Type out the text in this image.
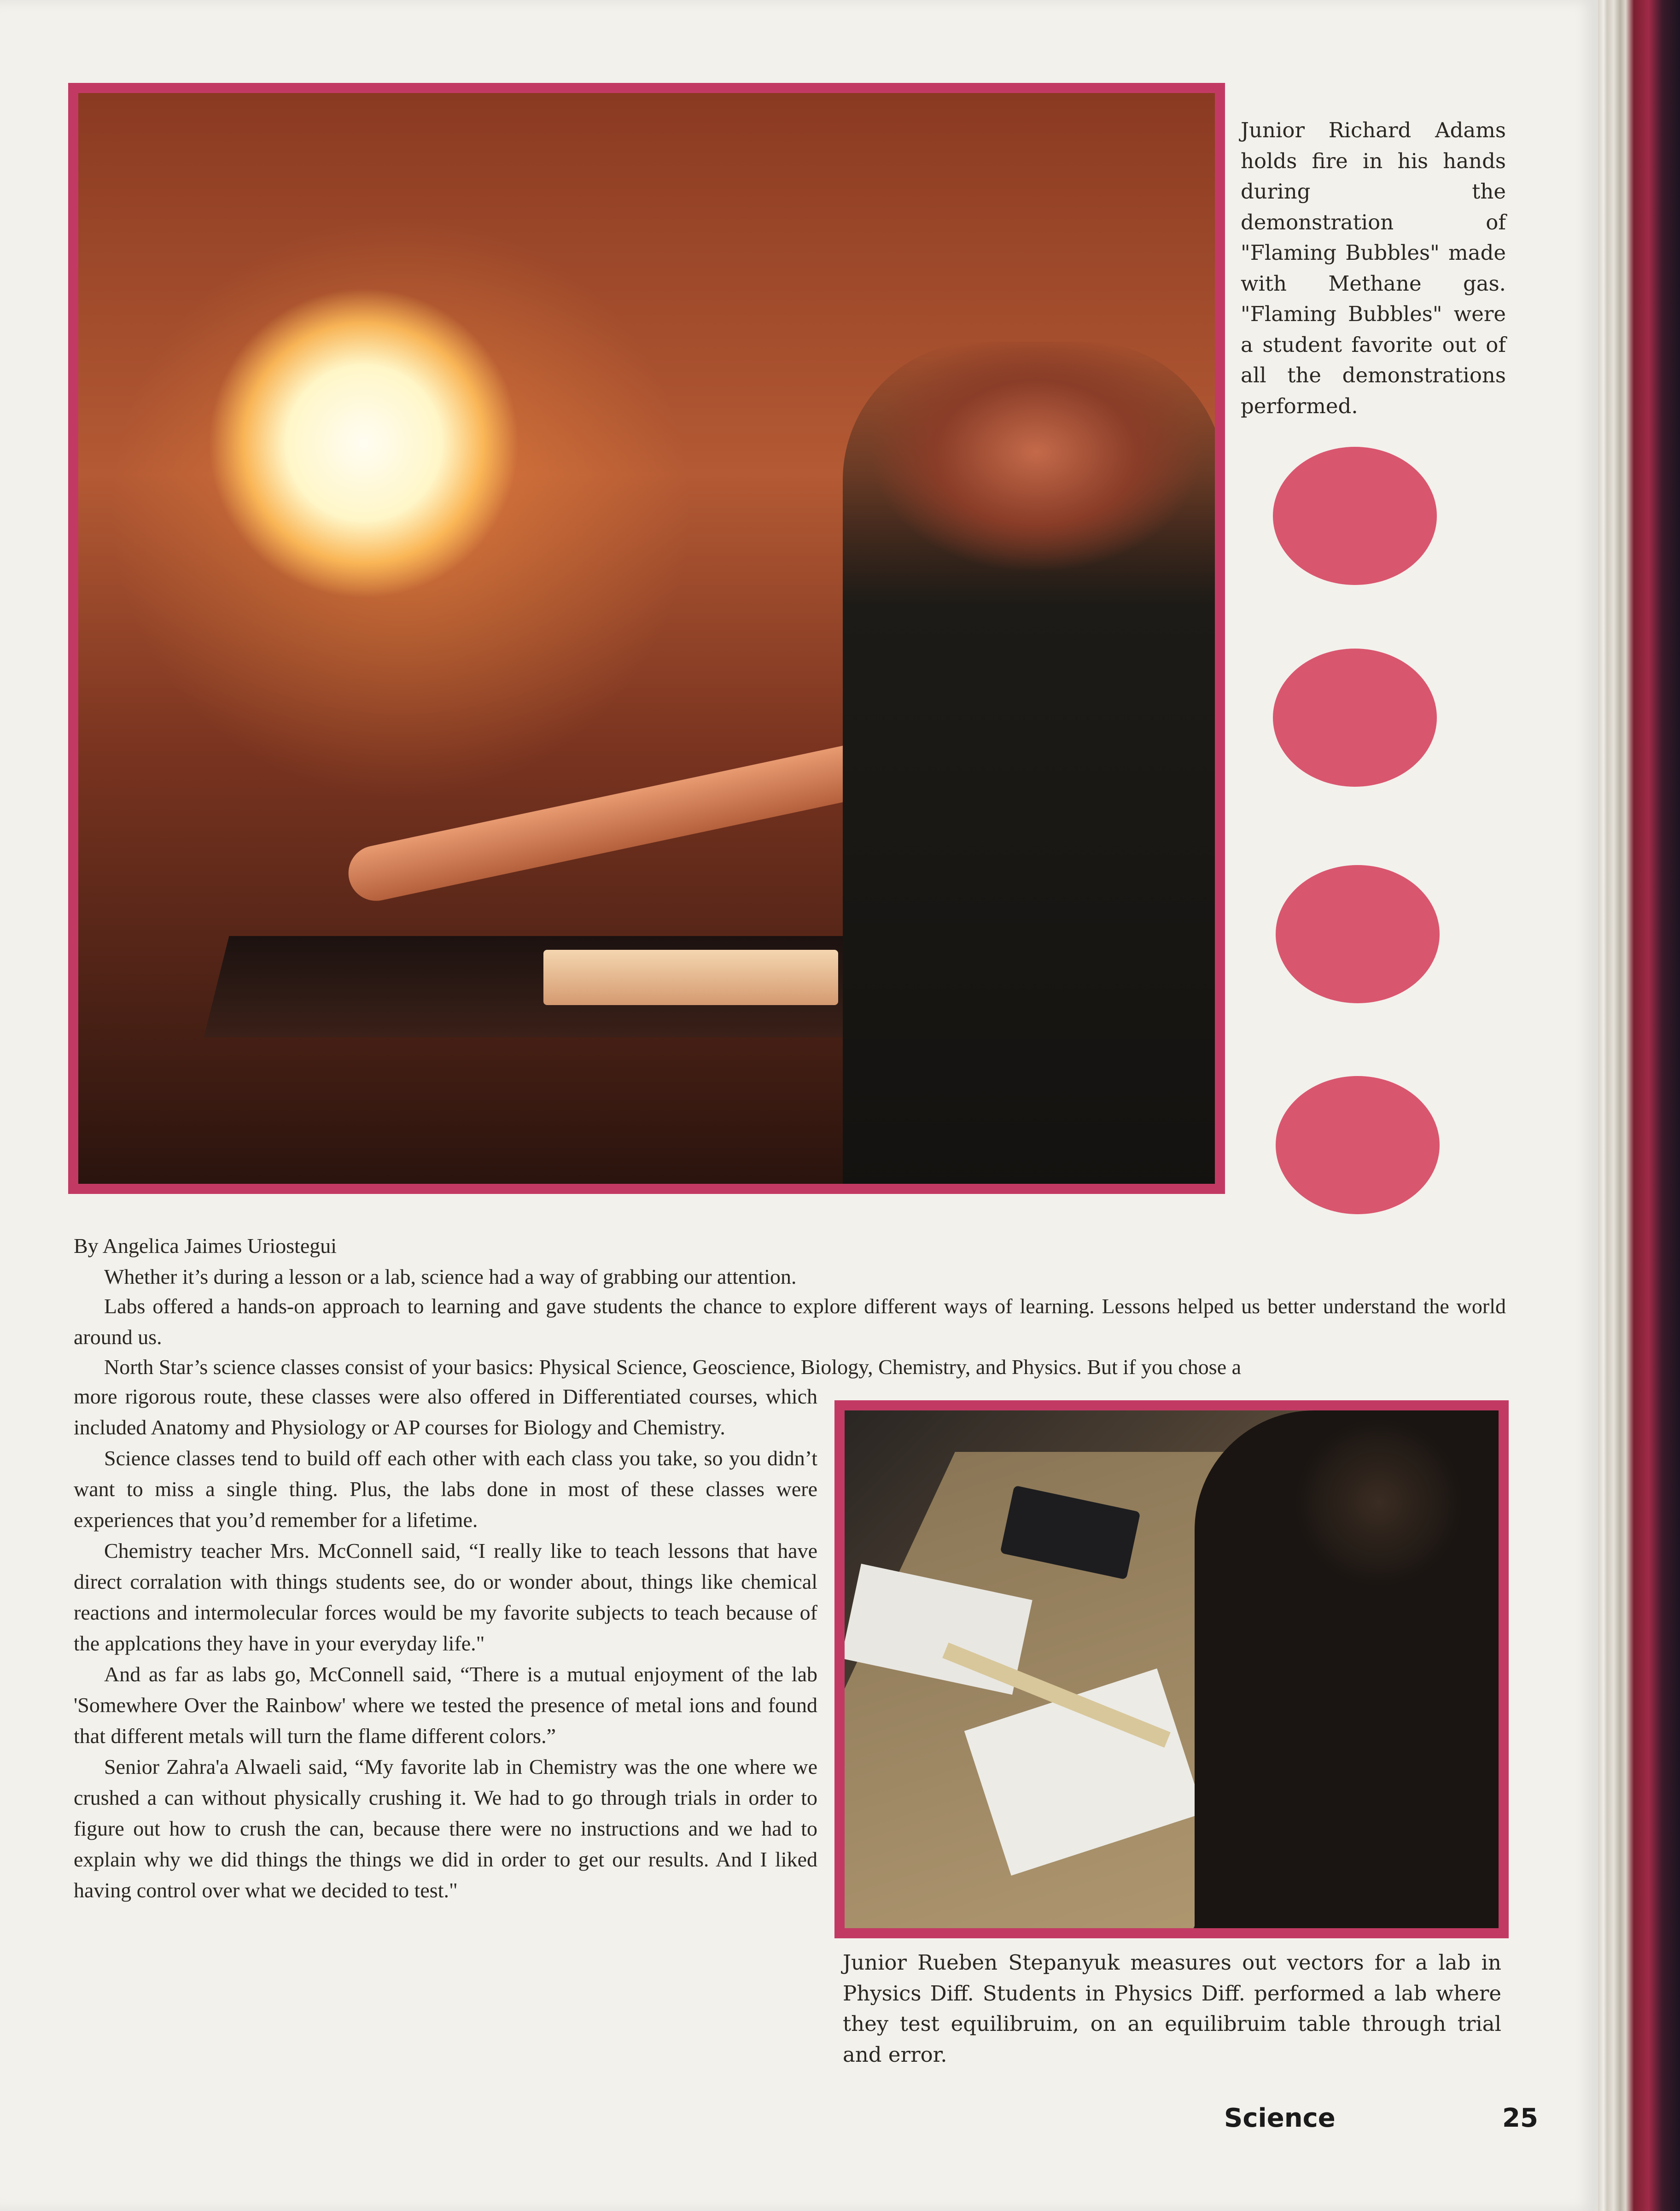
Junior Richard Adams holds fire in his hands during the demonstration of "Flaming Bubbles" made with Methane gas. "Flaming Bubbles" were a student favorite out of all the demonstrations performed.
By Angelica Jaimes Uriostegui

Whether it’s during a lesson or a lab, science had a way of grabbing our attention.

Labs offered a hands-on approach to learning and gave students the chance to explore different ways of learning. Lessons helped us better understand the world around us.

North Star’s science classes consist of your basics: Physical Science, Geoscience, Biology, Chemistry, and Physics. But if you chose a

more rigorous route, these classes were also offered in Differentiated courses, which included Anatomy and Physiology or AP courses for Biology and Chemistry.

Science classes tend to build off each other with each class you take, so you didn’t want to miss a single thing. Plus, the labs done in most of these classes were experiences that you’d remember for a lifetime.

Chemistry teacher Mrs. McConnell said, “I really like to teach lessons that have direct corralation with things students see, do or wonder about, things like chemical reactions and intermolecular forces would be my favorite subjects to teach because of the applcations they have in your everyday life."

And as far as labs go, McConnell said, “There is a mutual enjoyment of the lab 'Somewhere Over the Rainbow' where we tested the presence of metal ions and found that different metals will turn the flame different colors.”

Senior Zahra'a Alwaeli said, “My favorite lab in Chemistry was the one where we crushed a can without physically crushing it. We had to go through trials in order to figure out how to crush the can, because there were no instructions and we had to explain why we did things the things we did in order to get our results. And I liked having control over what we decided to test."

Junior Rueben Stepanyuk measures out vectors for a lab in Physics Diff. Students in Physics Diff. performed a lab where they test equilibruim, on an equilibruim table through trial and error.
Science	25
